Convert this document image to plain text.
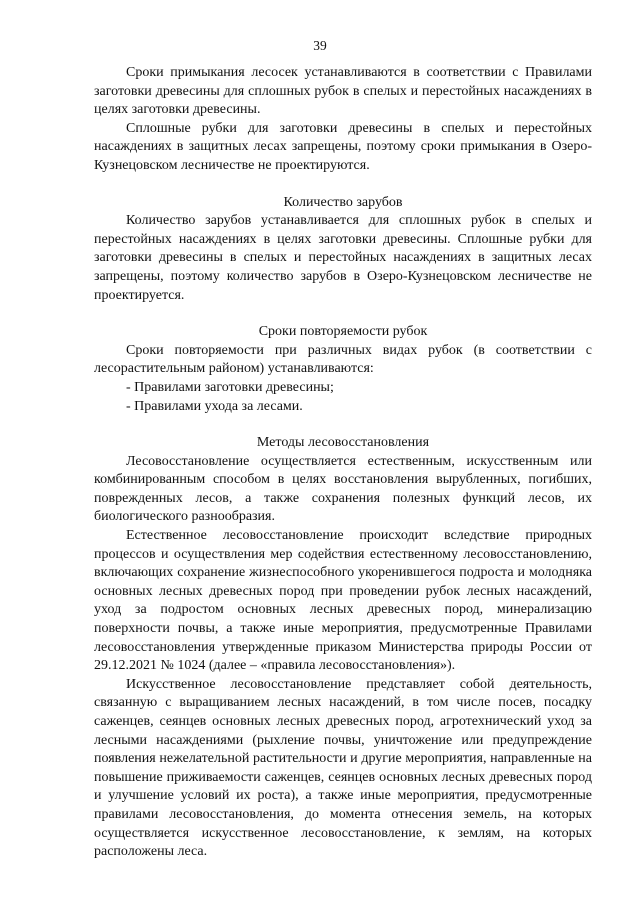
39

Сроки примыкания лесосек устанавливаются в соответствии с Правилами заготовки древесины для сплошных рубок в спелых и перестойных насаждениях в целях заготовки древесины.

Сплошные рубки для заготовки древесины в спелых и перестойных насаждениях в защитных лесах запрещены, поэтому сроки примыкания в Озеро-Кузнецовском лесничестве не проектируются.

Количество зарубов

Количество зарубов устанавливается для сплошных рубок в спелых и перестойных насаждениях в целях заготовки древесины. Сплошные рубки для заготовки древесины в спелых и перестойных насаждениях в защитных лесах запрещены, поэтому количество зарубов в Озеро-Кузнецовском лесничестве не проектируется.

Сроки повторяемости рубок

Сроки повторяемости при различных видах рубок (в соответствии с лесорастительным районом) устанавливаются:

- Правилами заготовки древесины;

- Правилами ухода за лесами.

Методы лесовосстановления

Лесовосстановление осуществляется естественным, искусственным или комбинированным способом в целях восстановления вырубленных, погибших, поврежденных лесов, а также сохранения полезных функций лесов, их биологического разнообразия.

Естественное лесовосстановление происходит вследствие природных процессов и осуществления мер содействия естественному лесовосстановлению, включающих сохранение жизнеспособного укоренившегося подроста и молодняка основных лесных древесных пород при проведении рубок лесных насаждений, уход за подростом основных лесных древесных пород, минерализацию поверхности почвы, а также иные мероприятия, предусмотренные Правилами лесовосстановления утвержденные приказом Министерства природы России от 29.12.2021 № 1024 (далее – «правила лесовосстановления»).

Искусственное лесовосстановление представляет собой деятельность, связанную с выращиванием лесных насаждений, в том числе посев, посадку саженцев, сеянцев основных лесных древесных пород, агротехнический уход за лесными насаждениями (рыхление почвы, уничтожение или предупреждение появления нежелательной растительности и другие мероприятия, направленные на повышение приживаемости саженцев, сеянцев основных лесных древесных пород и улучшение условий их роста), а также иные мероприятия, предусмотренные правилами лесовосстановления, до момента отнесения земель, на которых осуществляется искусственное лесовосстановление, к землям, на которых расположены леса.
